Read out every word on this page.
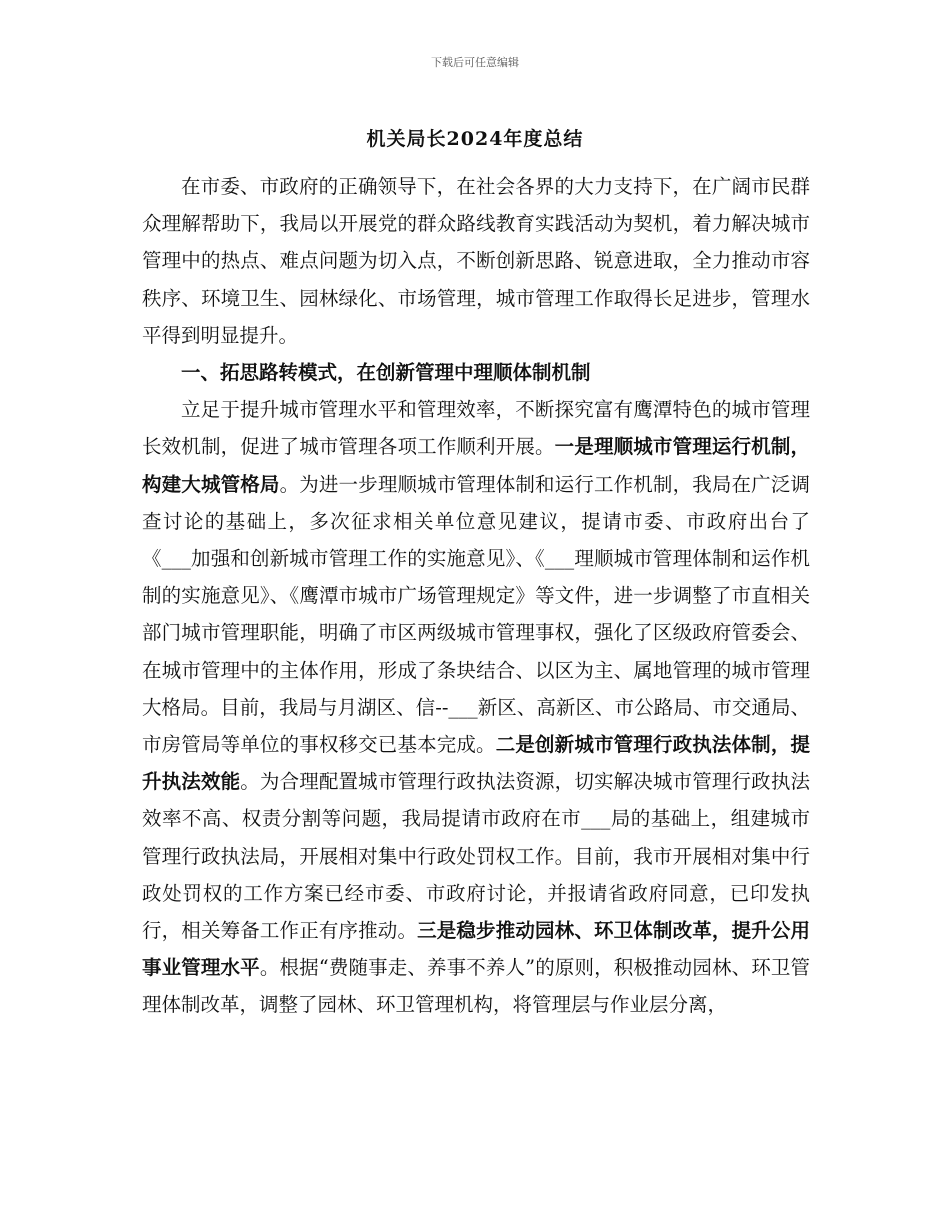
下载后可任意编辑
机关局长2024年度总结

在市委、市政府的正确领导下，在社会各界的大力支持下，在广阔市民群众理解帮助下，我局以开展党的群众路线教育实践活动为契机，着力解决城市管理中的热点、难点问题为切入点，不断创新思路、锐意进取，全力推动市容秩序、环境卫生、园林绿化、市场管理，城市管理工作取得长足进步，管理水平得到明显提升。

一、拓思路转模式，在创新管理中理顺体制机制

立足于提升城市管理水平和管理效率，不断探究富有鹰潭特色的城市管理长效机制，促进了城市管理各项工作顺利开展。一是理顺城市管理运行机制，构建大城管格局。为进一步理顺城市管理体制和运行工作机制，我局在广泛调查讨论的基础上，多次征求相关单位意见建议，提请市委、市政府出台了《___加强和创新城市管理工作的实施意见》、《___理顺城市管理体制和运作机制的实施意见》、《鹰潭市城市广场管理规定》等文件，进一步调整了市直相关部门城市管理职能，明确了市区两级城市管理事权，强化了区级政府管委会、在城市管理中的主体作用，形成了条块结合、以区为主、属地管理的城市管理大格局。目前，我局与月湖区、信--___新区、高新区、市公路局、市交通局、市房管局等单位的事权移交已基本完成。二是创新城市管理行政执法体制，提升执法效能。为合理配置城市管理行政执法资源，切实解决城市管理行政执法效率不高、权责分割等问题，我局提请市政府在市___局的基础上，组建城市管理行政执法局，开展相对集中行政处罚权工作。目前，我市开展相对集中行政处罚权的工作方案已经市委、市政府讨论，并报请省政府同意，已印发执行，相关筹备工作正有序推动。三是稳步推动园林、环卫体制改革，提升公用事业管理水平。根据“费随事走、养事不养人”的原则，积极推动园林、环卫管理体制改革，调整了园林、环卫管理机构，将管理层与作业层分离，
